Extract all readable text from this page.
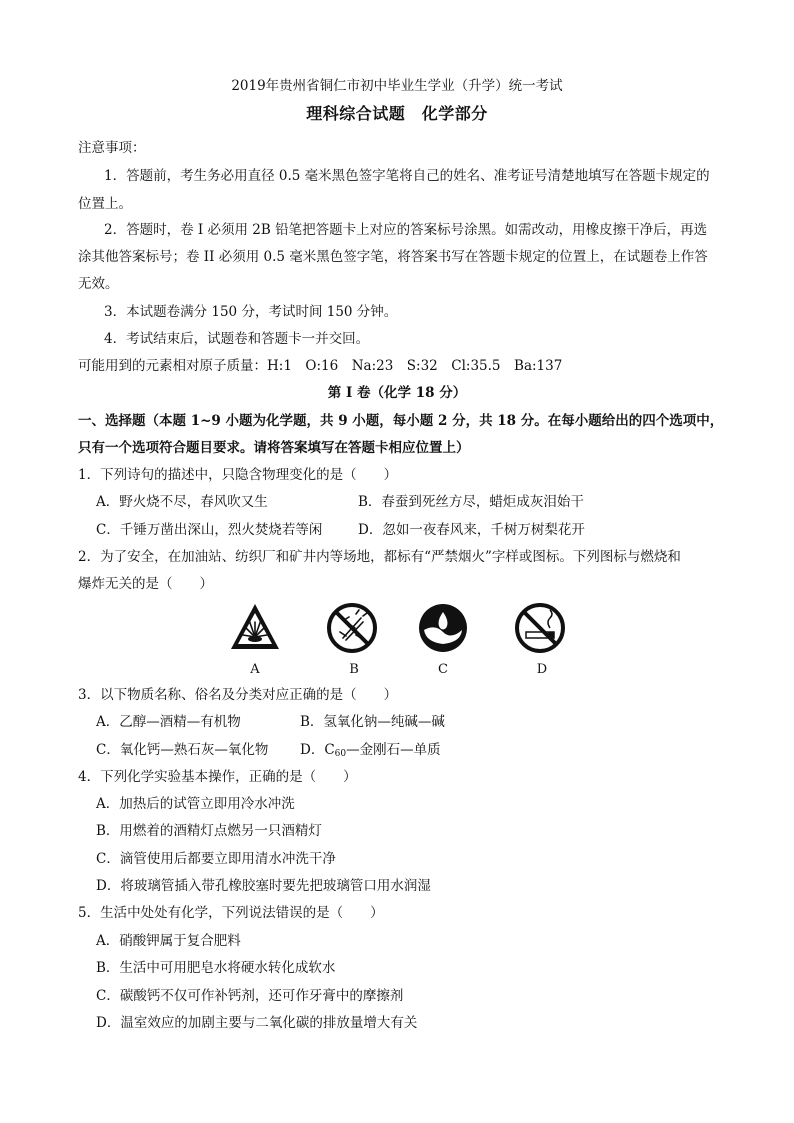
2019年贵州省铜仁市初中毕业生学业（升学）统一考试
理科综合试题　化学部分
注意事项：
1．答题前，考生务必用直径 0.5 毫米黑色签字笔将自己的姓名、准考证号清楚地填写在答题卡规定的
位置上。
2．答题时，卷 I 必须用 2B 铅笔把答题卡上对应的答案标号涂黑。如需改动，用橡皮擦干净后，再选
涂其他答案标号；卷 II 必须用 0.5 毫米黑色签字笔，将答案书写在答题卡规定的位置上，在试题卷上作答
无效。
3．本试题卷满分 150 分，考试时间 150 分钟。
4．考试结束后，试题卷和答题卡一并交回。
可能用到的元素相对原子质量：H:1　O:16　Na:23　S:32　Cl:35.5　Ba:137
第 I 卷（化学 18 分）
一、选择题（本题 1~9 小题为化学题，共 9 小题，每小题 2 分，共 18 分。在每小题给出的四个选项中，
只有一个选项符合题目要求。请将答案填写在答题卡相应位置上）
1．下列诗句的描述中，只隐含物理变化的是（　　）
A．野火烧不尽，春风吹又生	B．春蚕到死丝方尽，蜡炬成灰泪始干
C．千锤万凿出深山，烈火焚烧若等闲	D．忽如一夜春风来，千树万树梨花开
2．为了安全，在加油站、纺织厂和矿井内等场地，都标有“严禁烟火”字样或图标。下列图标与燃烧和
爆炸无关的是（　　）
A	B	C	D
3．以下物质名称、俗名及分类对应正确的是（　　）
A．乙醇—酒精—有机物	B．氢氧化钠—纯碱—碱
C．氧化钙—熟石灰—氧化物 D．$C_{60}—$金刚石—单质
4．下列化学实验基本操作，正确的是（　　）
A．加热后的试管立即用冷水冲洗
B．用燃着的酒精灯点燃另一只酒精灯
C．滴管使用后都要立即用清水冲洗干净
D．将玻璃管插入带孔橡胶塞时要先把玻璃管口用水润湿
5．生活中处处有化学，下列说法错误的是（　　）
A．硝酸钾属于复合肥料
B．生活中可用肥皂水将硬水转化成软水
C．碳酸钙不仅可作补钙剂，还可作牙膏中的摩擦剂
D．温室效应的加剧主要与二氧化碳的排放量增大有关
